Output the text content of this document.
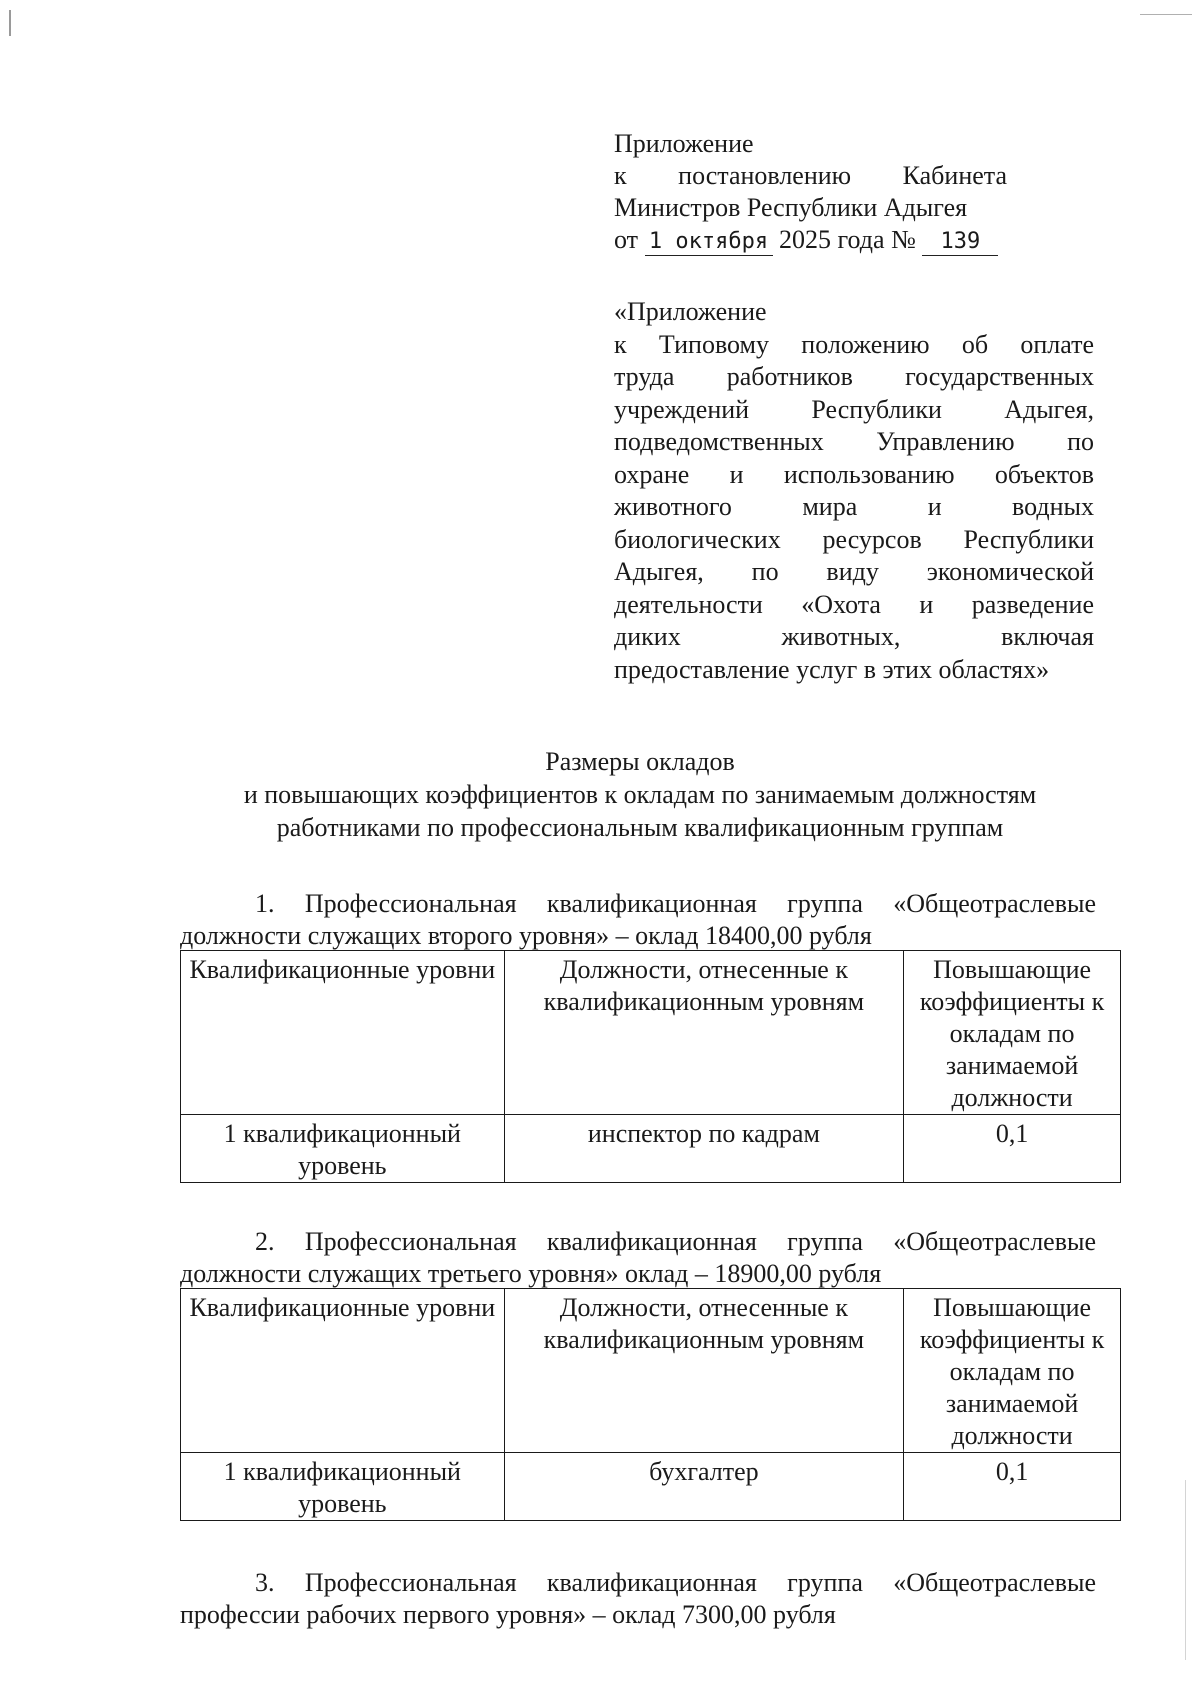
Приложение
к постановлению Кабинета
Министров Республики Адыгея
от 1 октября 2025 года № 139
«Приложение
к Типовому положению об оплате
труда работников государственных
учреждений Республики Адыгея,
подведомственных Управлению по
охране и использованию объектов
животного мира и водных
биологических ресурсов Республики
Адыгея, по виду экономической
деятельности «Охота и разведение
диких животных, включая
предоставление услуг в этих областях»
Размеры окладов
и повышающих коэффициентов к окладам по занимаемым должностям
работниками по профессиональным квалификационным группам
1. Профессиональная квалификационная группа «Общеотраслевые
должности служащих второго уровня» – оклад 18400,00 рубля
Квалификационные уровни	Должности, отнесенные к квалификационным уровням	Повышающие коэффициенты к окладам по занимаемой должности
1 квалификационный уровень	инспектор по кадрам	0,1
2. Профессиональная квалификационная группа «Общеотраслевые
должности служащих третьего уровня» оклад – 18900,00 рубля
Квалификационные уровни	Должности, отнесенные к квалификационным уровням	Повышающие коэффициенты к окладам по занимаемой должности
1 квалификационный уровень	бухгалтер	0,1
3. Профессиональная квалификационная группа «Общеотраслевые
профессии рабочих первого уровня» – оклад 7300,00 рубля
